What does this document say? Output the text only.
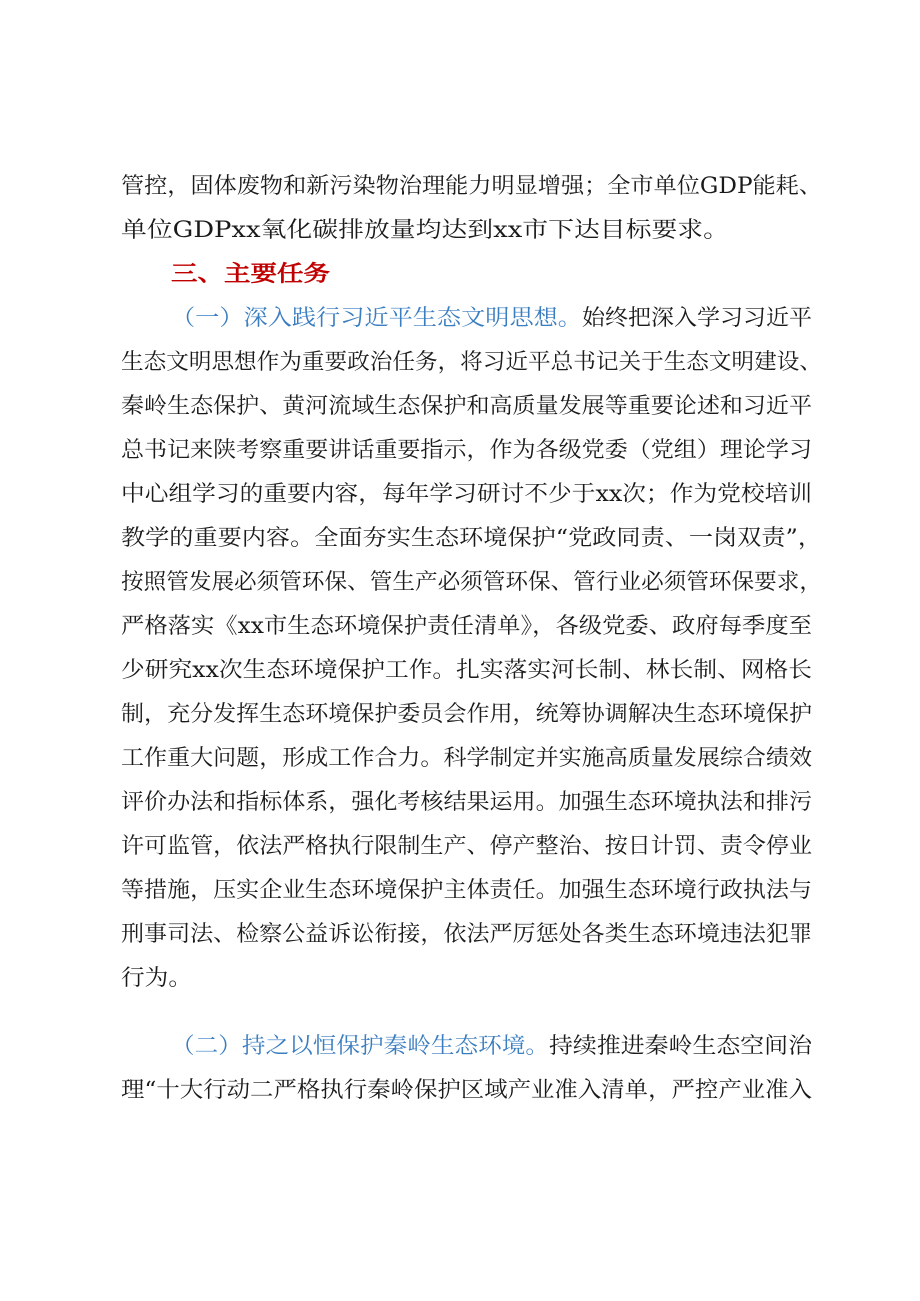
管控，固体废物和新污染物治理能力明显增强；全市单位GDP能耗、
单位GDPxx氧化碳排放量均达到xx市下达目标要求。
三、主要任务
（一）深入践行习近平生态文明思想。 始终把深入学习习近平
生态文明思想作为重要政治任务，将习近平总书记关于生态文明建设、
秦岭生态保护、黄河流域生态保护和高质量发展等重要论述和习近平
总书记来陕考察重要讲话重要指示，作为各级党委（党组）理论学习
中心组学习的重要内容，每年学习研讨不少于xx次；作为党校培训
教学的重要内容。全面夯实生态环境保护“党政同责、一岗双责”，
按照管发展必须管环保、管生产必须管环保、管行业必须管环保要求，
严格落实《xx市生态环境保护责任清单》，各级党委、政府每季度至
少研究xx次生态环境保护工作。扎实落实河长制、林长制、网格长
制，充分发挥生态环境保护委员会作用，统筹协调解决生态环境保护
工作重大问题，形成工作合力。科学制定并实施高质量发展综合绩效
评价办法和指标体系，强化考核结果运用。加强生态环境执法和排污
许可监管，依法严格执行限制生产、停产整治、按日计罚、责令停业
等措施，压实企业生态环境保护主体责任。加强生态环境行政执法与
刑事司法、检察公益诉讼衔接，依法严厉惩处各类生态环境违法犯罪
行为。
（二）持之以恒保护秦岭生态环境。 持续推进秦岭生态空间治
理“十大行动二严格执行秦岭保护区域产业准入清单，严控产业准入
